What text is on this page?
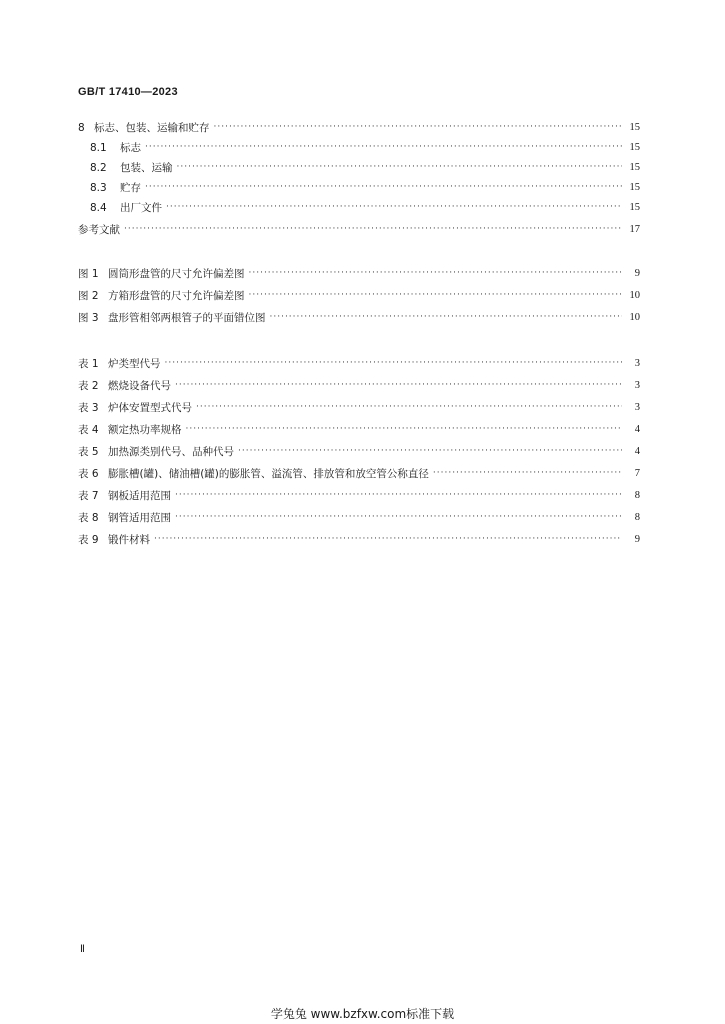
GB/T 17410—2023
8 标志、包装、运输和贮存 ·····	15
8.1 标志 ·····	15
8.2 包装、运输 ·····	15
8.3 贮存 ·····	15
8.4 出厂文件 ·····	15
参考文献 ·····	17
图 1 圆筒形盘管的尺寸允许偏差图 ·····	9
图 2 方箱形盘管的尺寸允许偏差图 ·····	10
图 3 盘形管相邻两根管子的平面错位图 ·····	10
表 1 炉类型代号 ·····	3
表 2 燃烧设备代号 ·····	3
表 3 炉体安置型式代号 ·····	3
表 4 额定热功率规格 ·····	4
表 5 加热源类别代号、品种代号 ·····	4
表 6 膨胀槽(罐)、储油槽(罐)的膨胀管、溢流管、排放管和放空管公称直径 ·····	7
表 7 钢板适用范围 ·····	8
表 8 钢管适用范围 ·····	8
表 9 锻件材料 ·····	9
Ⅱ
学兔兔 www.bzfxw.com标准下载
